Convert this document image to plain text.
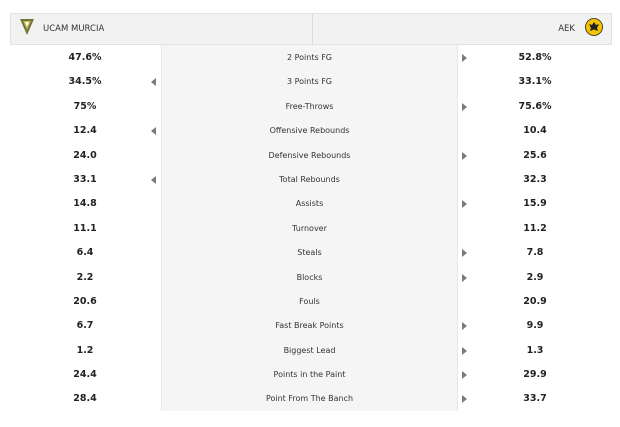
UCAM MURCIA	AEK
47.6%	2 Points FG	52.8%
34.5%	3 Points FG	33.1%
75%	Free-Throws	75.6%
12.4	Offensive Rebounds	10.4
24.0	Defensive Rebounds	25.6
33.1	Total Rebounds	32.3
14.8	Assists	15.9
11.1	Turnover	11.2
6.4	Steals	7.8
2.2	Blocks	2.9
20.6	Fouls	20.9
6.7	Fast Break Points	9.9
1.2	Biggest Lead	1.3
24.4	Points in the Paint	29.9
28.4	Point From The Banch	33.7
